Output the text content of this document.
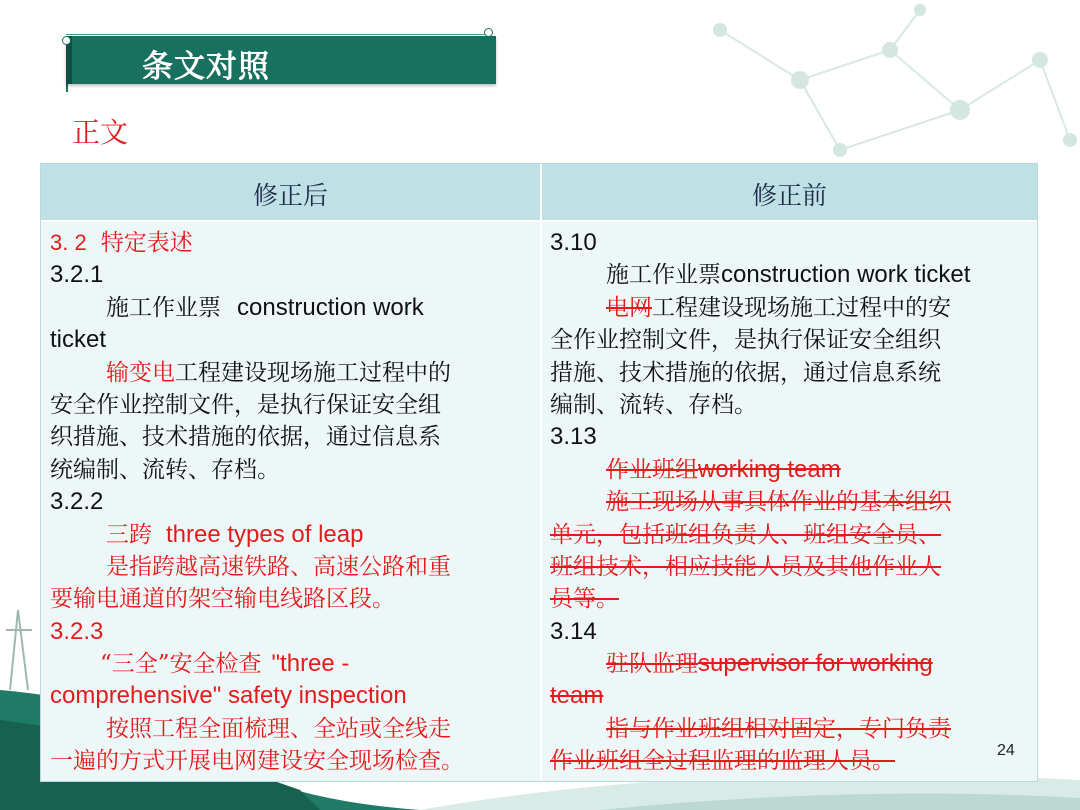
条文对照
正文
修正后	修正前
3. 2 特定表述
3.2.1
施工作业票 construction work
ticket
输变电工程建设现场施工过程中的
安全作业控制文件，是执行保证安全组
织措施、技术措施的依据，通过信息系
统编制、流转、存档。
3.2.2
三跨 three types of leap
是指跨越高速铁路、高速公路和重
要输电通道的架空输电线路区段。
3.2.3
“三全”安全检查 "three -
comprehensive" safety inspection
按照工程全面梳理、全站或全线走
一遍的方式开展电网建设安全现场检查。
3.10
施工作业票construction work ticket
电网工程建设现场施工过程中的安
全作业控制文件，是执行保证安全组织
措施、技术措施的依据，通过信息系统
编制、流转、存档。
3.13
作业班组working team
施工现场从事具体作业的基本组织
单元，包括班组负责人、班组安全员、
班组技术，相应技能人员及其他作业人
员等。
3.14
驻队监理supervisor for working
team
指与作业班组相对固定，专门负责
作业班组全过程监理的监理人员。	24
